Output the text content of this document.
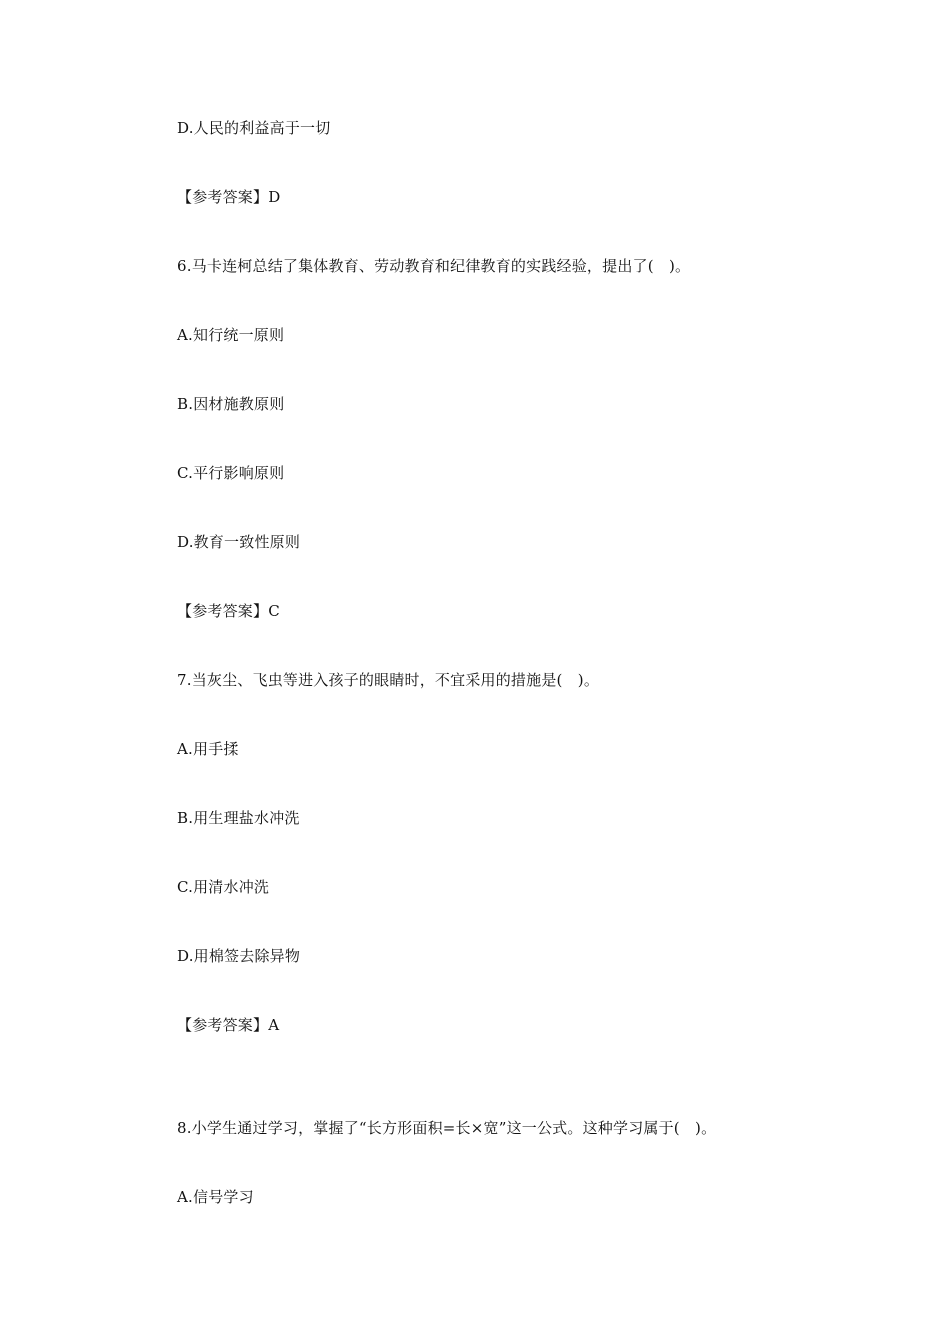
D.人民的利益高于一切
【参考答案】D
6.马卡连柯总结了集体教育、劳动教育和纪律教育的实践经验，提出了(　)。
A.知行统一原则
B.因材施教原则
C.平行影响原则
D.教育一致性原则
【参考答案】C
7.当灰尘、飞虫等进入孩子的眼睛时，不宜采用的措施是(　)。
A.用手揉
B.用生理盐水冲洗
C.用清水冲洗
D.用棉签去除异物
【参考答案】A
8.小学生通过学习，掌握了“长方形面积=长×宽”这一公式。这种学习属于(　)。
A.信号学习
